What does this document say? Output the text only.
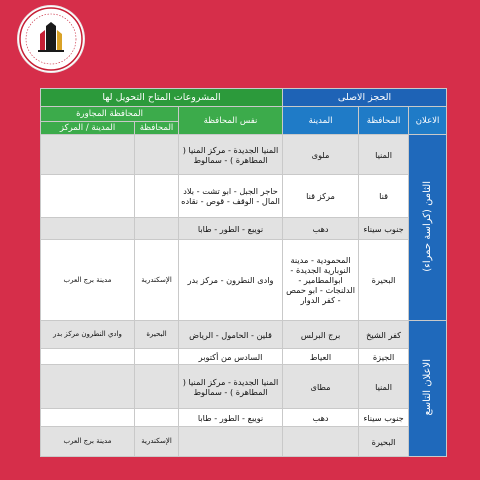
الحجز الاصلى			المشروعات المتاح التحويل لها		
الاعلان	المحافظة	المدينة	نفس المحافظة	المحافظة المجاورة	
				المحافظة	المدينة / المركز
الثامن (كراسة حمراء)	المنيا	ملوى	المنيا الجديدة - مركز المنيا ( المطاهرة ) - سمالوط		
	قنا	مركز قنا	حاجر الجبل - ابو تشت - بلاد المال - الوقف - قوص - نقاده		
	جنوب سيناء	دهب	نويبع - الطور - طابا		
	البحيرة	المحمودية - مدينة النوبارية الجديدة - ابوالمطامير - الدلنجات - ابو حمص - كفر الدوار	وادى النطرون - مركز بدر	الإسكندرية	مدينة برج العرب
الاعلان التاسع	كفر الشيخ	برج البرلس	قلين - الحامول - الرياض	البحيرة	وادي النطرون مركز بدر
	الجيزة	العياط	السادس من أكتوبر		
	المنيا	مطاى	المنيا الجديدة - مركز المنيا ( المطاهرة ) - سمالوط		
	جنوب سيناء	دهب	نويبع - الطور - طابا		
	البحيرة			الإسكندرية	مدينة برج العرب
